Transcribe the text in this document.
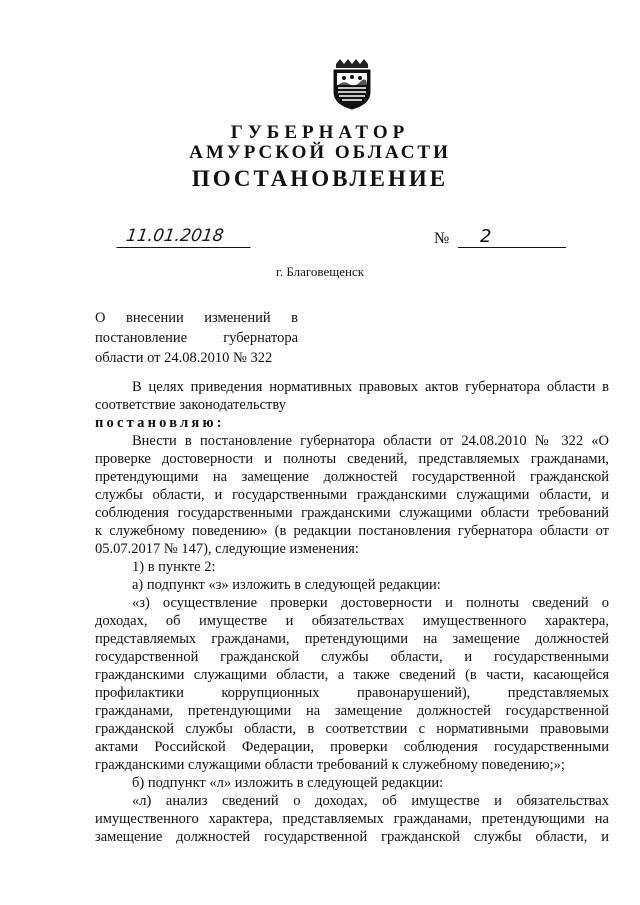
ГУБЕРНАТОР
АМУРСКОЙ ОБЛАСТИ
ПОСТАНОВЛЕНИЕ
11.01.2018	№	2
г. Благовещенск
О внесении изменений в
постановление губернатора
области от 24.08.2010 № 322
В целях приведения нормативных правовых актов губернатора области в
соответствие законодательству
постановляю:
Внести в постановление губернатора области от 24.08.2010 № 322 «О
проверке достоверности и полноты сведений, представляемых гражданами,
претендующими на замещение должностей государственной гражданской
службы области, и государственными гражданскими служащими области, и
соблюдения государственными гражданскими служащими области требований
к служебному поведению» (в редакции постановления губернатора области от
05.07.2017 № 147), следующие изменения:
1) в пункте 2:
а) подпункт «з» изложить в следующей редакции:
«з) осуществление проверки достоверности и полноты сведений о
доходах, об имуществе и обязательствах имущественного характера,
представляемых гражданами, претендующими на замещение должностей
государственной гражданской службы области, и государственными
гражданскими служащими области, а также сведений (в части, касающейся
профилактики коррупционных правонарушений), представляемых
гражданами, претендующими на замещение должностей государственной
гражданской службы области, в соответствии с нормативными правовыми
актами Российской Федерации, проверки соблюдения государственными
гражданскими служащими области требований к служебному поведению;»;
б) подпункт «л» изложить в следующей редакции:
«л) анализ сведений о доходах, об имуществе и обязательствах
имущественного характера, представляемых гражданами, претендующими на
замещение должностей государственной гражданской службы области, и
